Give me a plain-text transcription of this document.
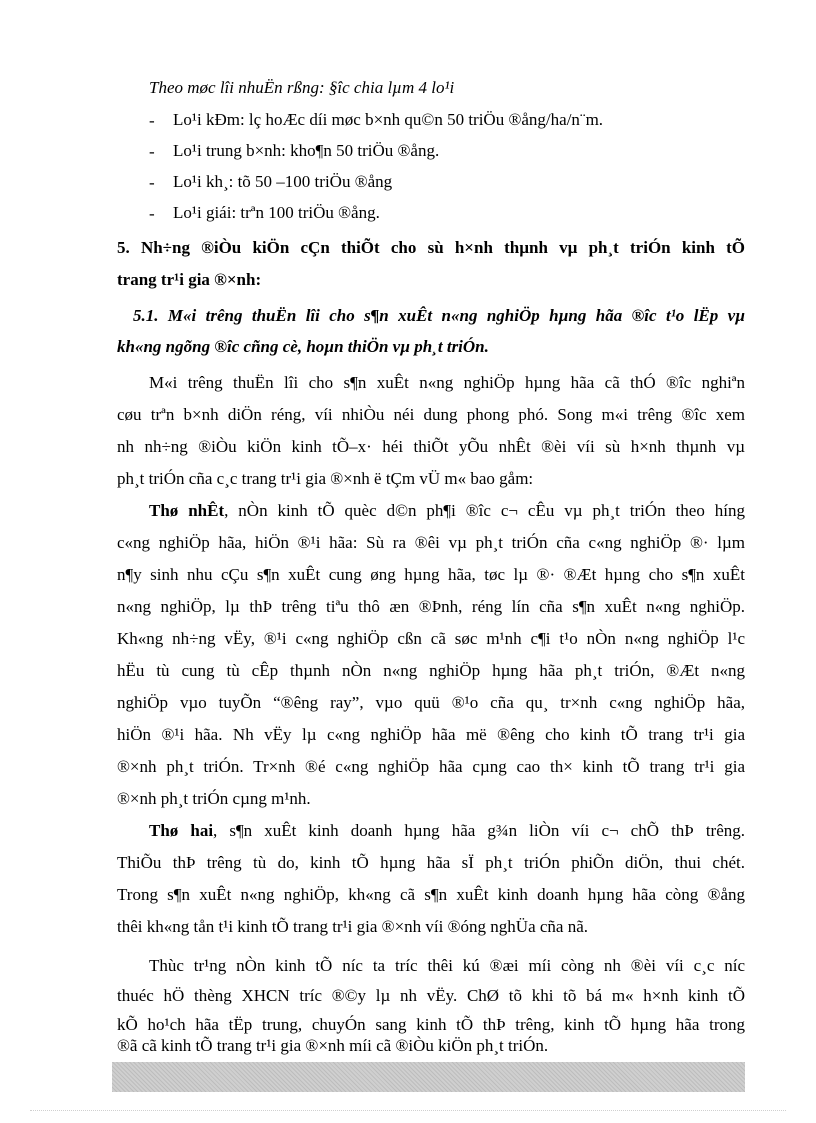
Theo møc lîi nhuËn rßng: §îc chia lµm 4 lo¹i
- Lo¹i kÐm: lç hoÆc díi møc b×nh qu©n 50 triÖu ®ång/ha/n¨m.
- Lo¹i trung b×nh: kho¶n 50 triÖu ®ång.
- Lo¹i kh¸: tõ 50 –100 triÖu ®ång
- Lo¹i giái: trªn 100 triÖu ®ång.
5. Nh÷ng ®iÒu kiÖn cÇn thiÕt cho sù h×nh thµnh vµ ph¸t triÓn kinh tÕ
trang tr¹i gia ®×nh:
5.1. M«i trêng thuËn lîi cho s¶n xuÊt n«ng nghiÖp hµng hãa ®îc t¹o lËp vµ
kh«ng ngõng ®îc cñng cè, hoµn thiÖn vµ ph¸t triÓn.
M«i trêng thuËn lîi cho s¶n xuÊt n«ng nghiÖp hµng hãa cã thÓ ®îc nghiªn
cøu trªn b×nh diÖn réng, víi nhiÒu néi dung phong phó. Song m«i trêng ®îc xem
nh nh÷ng ®iÒu kiÖn kinh tÕ–x· héi thiÕt yÕu nhÊt ®èi víi sù h×nh thµnh vµ
ph¸t triÓn cña c¸c trang tr¹i gia ®×nh ë tÇm vÜ m« bao gåm:
Thø nhÊt, nÒn kinh tÕ quèc d©n ph¶i ®îc c¬ cÊu vµ ph¸t triÓn theo híng
c«ng nghiÖp hãa, hiÖn ®¹i hãa: Sù ra ®êi vµ ph¸t triÓn cña c«ng nghiÖp ®· lµm
n¶y sinh nhu cÇu s¶n xuÊt cung øng hµng hãa, tøc lµ ®· ®Æt hµng cho s¶n xuÊt
n«ng nghiÖp, lµ thÞ trêng tiªu thô æn ®Þnh, réng lín cña s¶n xuÊt n«ng nghiÖp.
Kh«ng nh÷ng vËy, ®¹i c«ng nghiÖp cßn cã søc m¹nh c¶i t¹o nÒn n«ng nghiÖp l¹c
hËu tù cung tù cÊp thµnh nÒn n«ng nghiÖp hµng hãa ph¸t triÓn, ®Æt n«ng
nghiÖp vµo tuyÕn “®êng ray”, vµo quü ®¹o cña qu¸ tr×nh c«ng nghiÖp hãa,
hiÖn ®¹i hãa. Nh vËy lµ c«ng nghiÖp hãa më ®êng cho kinh tÕ trang tr¹i gia
®×nh ph¸t triÓn. Tr×nh ®é c«ng nghiÖp hãa cµng cao th× kinh tÕ trang tr¹i gia
®×nh ph¸t triÓn cµng m¹nh.
Thø hai, s¶n xuÊt kinh doanh hµng hãa g¾n liÒn víi c¬ chÕ thÞ trêng.
ThiÕu thÞ trêng tù do, kinh tÕ hµng hãa sÏ ph¸t triÓn phiÕn diÖn, thui chét.
Trong s¶n xuÊt n«ng nghiÖp, kh«ng cã s¶n xuÊt kinh doanh hµng hãa còng ®ång
thêi kh«ng tån t¹i kinh tÕ trang tr¹i gia ®×nh víi ®óng nghÜa cña nã.
Thùc tr¹ng nÒn kinh tÕ níc ta tríc thêi kú ®æi míi còng nh ®èi víi c¸c níc
thuéc hÖ thèng XHCN tríc ®©y lµ nh vËy. ChØ tõ khi tõ bá m« h×nh kinh tÕ
kÕ ho¹ch hãa tËp trung, chuyÓn sang kinh tÕ thÞ trêng, kinh tÕ hµng hãa trong
®ã cã kinh tÕ trang tr¹i gia ®×nh míi cã ®iÒu kiÖn ph¸t triÓn.
